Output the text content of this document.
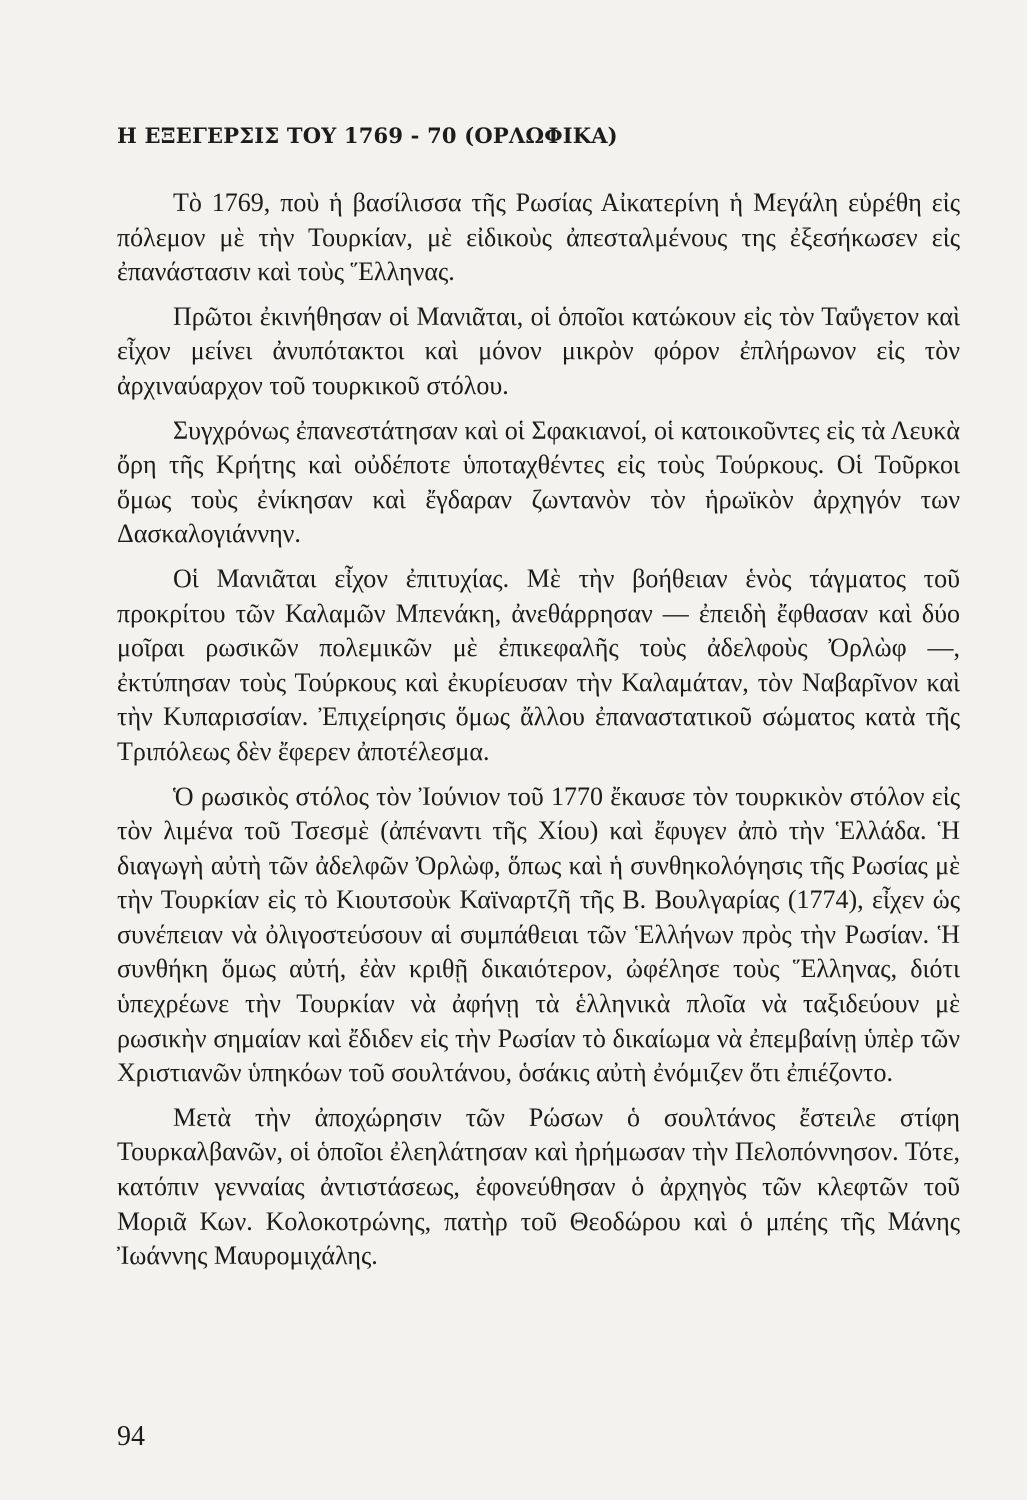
Η ΕΞΕΓΕΡΣΙΣ ΤΟΥ 1769 - 70 (ΟΡΛΩΦΙΚΑ)

Τὸ 1769, ποὺ ἡ βασίλισσα τῆς Ρωσίας Αἰκατερίνη ἡ Μεγάλη εὑρέθη εἰς πόλεμον μὲ τὴν Τουρκίαν, μὲ εἰδικοὺς ἀπεσταλμένους της ἐξεσήκωσεν εἰς ἐπανάστασιν καὶ τοὺς Ἕλληνας.

Πρῶτοι ἐκινήθησαν οἱ Μανιᾶται, οἱ ὁποῖοι κατώκουν εἰς τὸν Ταΰγετον καὶ εἶχον μείνει ἀνυπότακτοι καὶ μόνον μικρὸν φόρον ἐπλήρωνον εἰς τὸν ἀρχιναύαρχον τοῦ τουρκικοῦ στόλου.

Συγχρόνως ἐπανεστάτησαν καὶ οἱ Σφακιανοί, οἱ κατοικοῦντες εἰς τὰ Λευκὰ ὄρη τῆς Κρήτης καὶ οὐδέποτε ὑποταχθέντες εἰς τοὺς Τούρκους. Οἱ Τοῦρκοι ὅμως τοὺς ἐνίκησαν καὶ ἔγδαραν ζωντανὸν τὸν ἡρωϊκὸν ἀρχηγόν των Δασκαλογιάννην.

Οἱ Μανιᾶται εἶχον ἐπιτυχίας. Μὲ τὴν βοήθειαν ἑνὸς τάγματος τοῦ προκρίτου τῶν Καλαμῶν Μπενάκη, ἀνεθάρρησαν — ἐπειδὴ ἔφθασαν καὶ δύο μοῖραι ρωσικῶν πολεμικῶν μὲ ἐπικεφαλῆς τοὺς ἀδελφοὺς Ὀρλὼφ —, ἐκτύπησαν τοὺς Τούρκους καὶ ἐκυρίευσαν τὴν Καλαμάταν, τὸν Ναβαρῖνον καὶ τὴν Κυπαρισσίαν. Ἐπιχείρησις ὅμως ἄλλου ἐπαναστατικοῦ σώματος κατὰ τῆς Τριπόλεως δὲν ἔφερεν ἀποτέλεσμα.

Ὁ ρωσικὸς στόλος τὸν Ἰούνιον τοῦ 1770 ἔκαυσε τὸν τουρκικὸν στόλον εἰς τὸν λιμένα τοῦ Τσεσμὲ (ἀπέναντι τῆς Χίου) καὶ ἔφυγεν ἀπὸ τὴν Ἑλλάδα. Ἡ διαγωγὴ αὐτὴ τῶν ἀδελφῶν Ὀρλὼφ, ὅπως καὶ ἡ συνθηκολόγησις τῆς Ρωσίας μὲ τὴν Τουρκίαν εἰς τὸ Κιουτσοὺκ Καϊναρτζῆ τῆς Β. Βουλγαρίας (1774), εἶχεν ὡς συνέπειαν νὰ ὀλιγοστεύσουν αἱ συμπάθειαι τῶν Ἑλλήνων πρὸς τὴν Ρωσίαν. Ἡ συνθήκη ὅμως αὐτή, ἐὰν κριθῇ δικαιότερον, ὠφέλησε τοὺς Ἕλληνας, διότι ὑπεχρέωνε τὴν Τουρκίαν νὰ ἀφήνῃ τὰ ἑλληνικὰ πλοῖα νὰ ταξιδεύουν μὲ ρωσικὴν σημαίαν καὶ ἔδιδεν εἰς τὴν Ρωσίαν τὸ δικαίωμα νὰ ἐπεμβαίνῃ ὑπὲρ τῶν Χριστιανῶν ὑπηκόων τοῦ σουλτάνου, ὁσάκις αὐτὴ ἐνόμιζεν ὅτι ἐπιέζοντο.

Μετὰ τὴν ἀποχώρησιν τῶν Ρώσων ὁ σουλτάνος ἔστειλε στίφη Τουρκαλβανῶν, οἱ ὁποῖοι ἐλεηλάτησαν καὶ ἠρήμωσαν τὴν Πελοπόννησον. Τότε, κατόπιν γενναίας ἀντιστάσεως, ἐφονεύθησαν ὁ ἀρχηγὸς τῶν κλεφτῶν τοῦ Μοριᾶ Κων. Κολοκοτρώνης, πατὴρ τοῦ Θεοδώρου καὶ ὁ μπέης τῆς Μάνης Ἰωάννης Μαυρομιχάλης.

94
